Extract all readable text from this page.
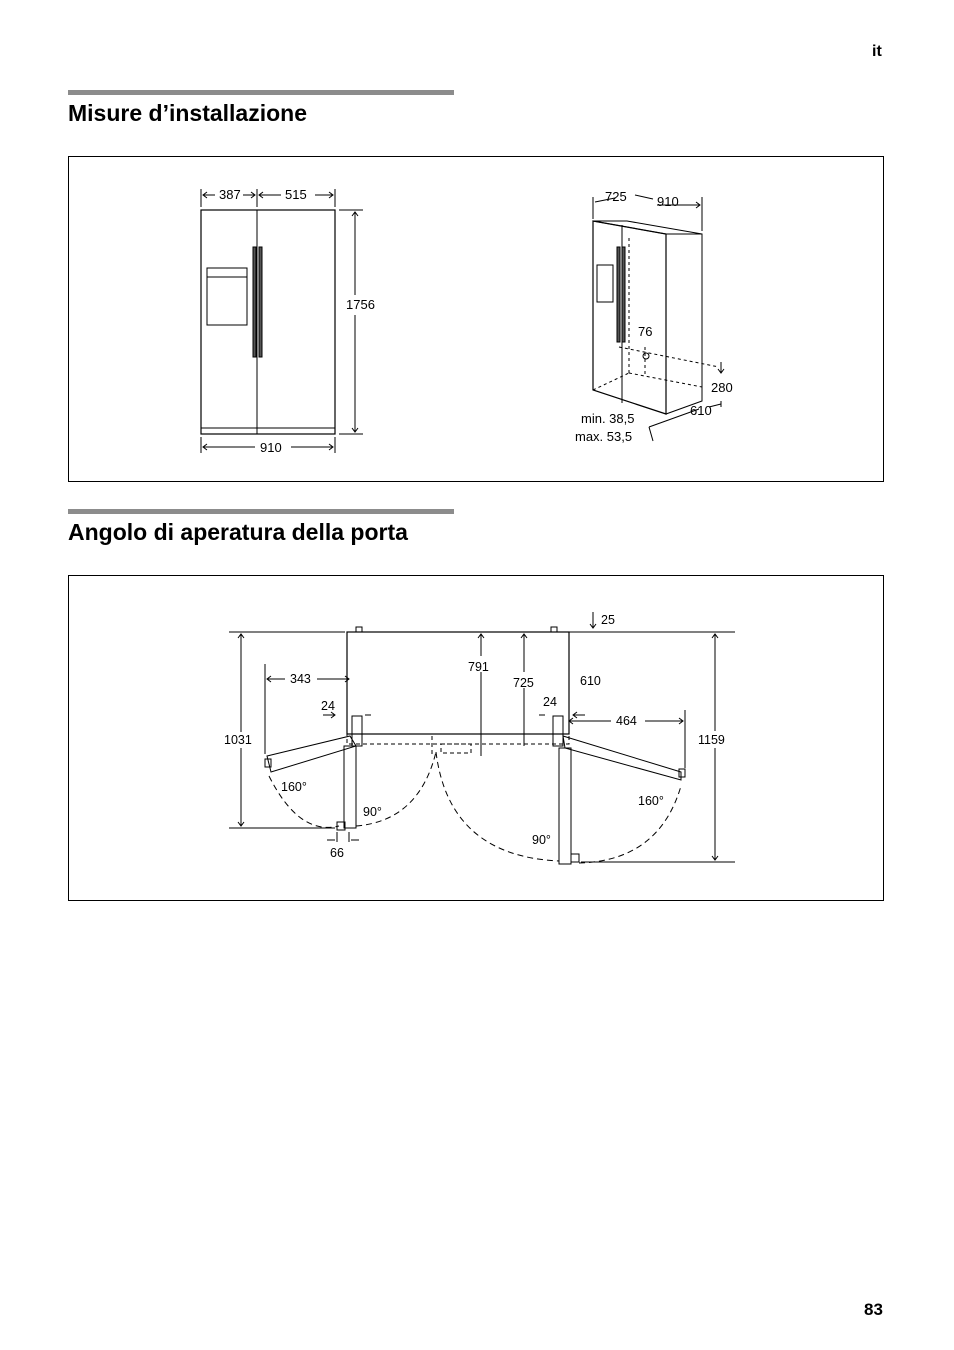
it
Misure d’installazione
387	515
1756
910
725 910
76
280
610
min. 38,5
max. 53,5
Angolo di aperatura della porta
25
791
725	610
343
24	24
464
1031	1159
160°
90°
160°
90°
66
83
